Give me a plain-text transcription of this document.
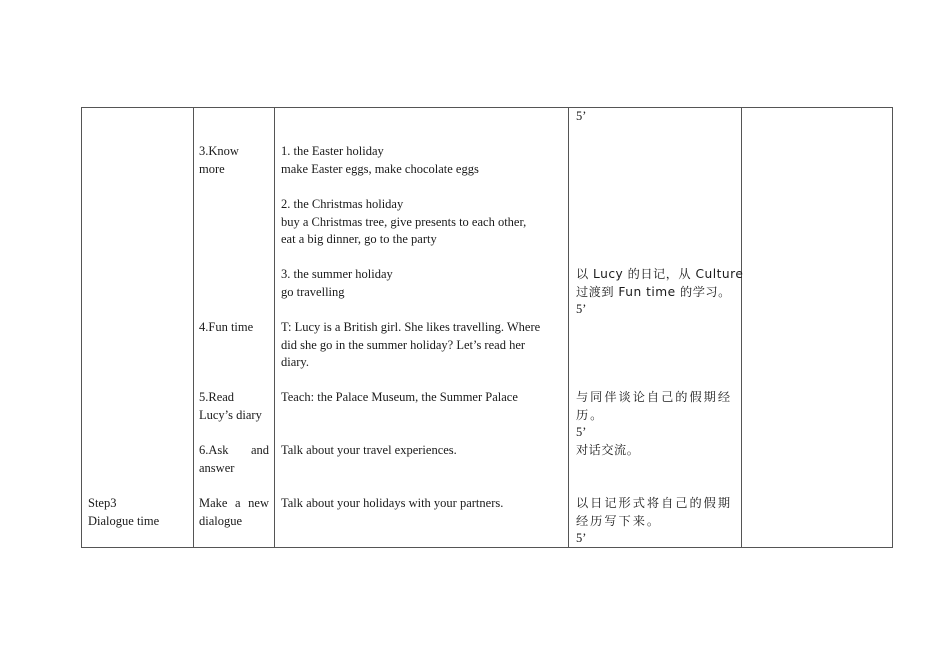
Step3
Dialogue time
3.Know
more
4.Fun time
5.Read
Lucy’s diary
6.Ask and
answer
Make a new
dialogue
1. the Easter holiday
make Easter eggs, make chocolate eggs
2. the Christmas holiday
buy a Christmas tree, give presents to each other,
eat a big dinner, go to the party
3. the summer holiday
go travelling
T: Lucy is a British girl. She likes travelling. Where
did she go in the summer holiday? Let’s read her
diary.
Teach: the Palace Museum, the Summer Palace
Talk about your travel experiences.
Talk about your holidays with your partners.
5’
以 Lucy 的日记，从 Culture
过渡到 Fun time 的学习。
5’
与同伴谈论自己的假期经
历。
5’
对话交流。
以日记形式将自己的假期
经历写下来。
5’
